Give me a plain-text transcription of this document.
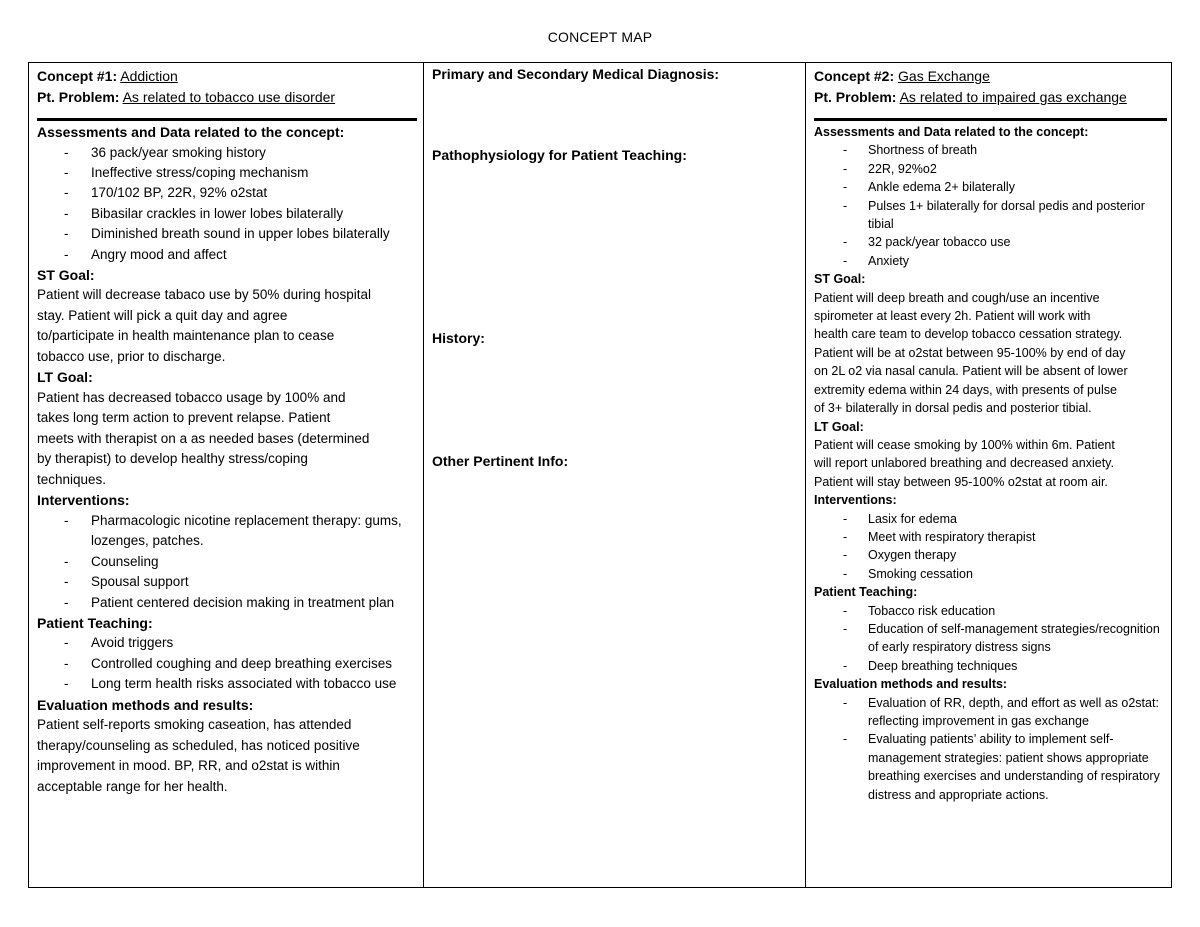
CONCEPT MAP
Concept #1: Addiction
Pt. Problem: As related to tobacco use disorder
Assessments and Data related to the concept:
- 36 pack/year smoking history
- Ineffective stress/coping mechanism
- 170/102 BP, 22R, 92% o2stat
- Bibasilar crackles in lower lobes bilaterally
- Diminished breath sound in upper lobes bilaterally
- Angry mood and affect
ST Goal:
Patient will decrease tabaco use by 50% during hospital
stay. Patient will pick a quit day and agree
to/participate in health maintenance plan to cease
tobacco use, prior to discharge.
LT Goal:
Patient has decreased tobacco usage by 100% and
takes long term action to prevent relapse. Patient
meets with therapist on a as needed bases (determined
by therapist) to develop healthy stress/coping
techniques.
Interventions:
- Pharmacologic nicotine replacement therapy: gums, lozenges, patches.
- Counseling
- Spousal support
- Patient centered decision making in treatment plan
Patient Teaching:
- Avoid triggers
- Controlled coughing and deep breathing exercises
- Long term health risks associated with tobacco use
Evaluation methods and results:
Patient self-reports smoking caseation, has attended
therapy/counseling as scheduled, has noticed positive
improvement in mood. BP, RR, and o2stat is within
acceptable range for her health.
Primary and Secondary Medical Diagnosis:
Pathophysiology for Patient Teaching:
History:
Other Pertinent Info:
Concept #2: Gas Exchange
Pt. Problem: As related to impaired gas exchange
Assessments and Data related to the concept:
- Shortness of breath
- 22R, 92%o2
- Ankle edema 2+ bilaterally
- Pulses 1+ bilaterally for dorsal pedis and posterior tibial
- 32 pack/year tobacco use
- Anxiety
ST Goal:
Patient will deep breath and cough/use an incentive
spirometer at least every 2h. Patient will work with
health care team to develop tobacco cessation strategy.
Patient will be at o2stat between 95-100% by end of day
on 2L o2 via nasal canula. Patient will be absent of lower
extremity edema within 24 days, with presents of pulse
of 3+ bilaterally in dorsal pedis and posterior tibial.
LT Goal:
Patient will cease smoking by 100% within 6m. Patient
will report unlabored breathing and decreased anxiety.
Patient will stay between 95-100% o2stat at room air.
Interventions:
- Lasix for edema
- Meet with respiratory therapist
- Oxygen therapy
- Smoking cessation
Patient Teaching:
- Tobacco risk education
- Education of self-management strategies/recognition of early respiratory distress signs
- Deep breathing techniques
Evaluation methods and results:
- Evaluation of RR, depth, and effort as well as o2stat: reflecting improvement in gas exchange
- Evaluating patients’ ability to implement self-management strategies: patient shows appropriate breathing exercises and understanding of respiratory distress and appropriate actions.
